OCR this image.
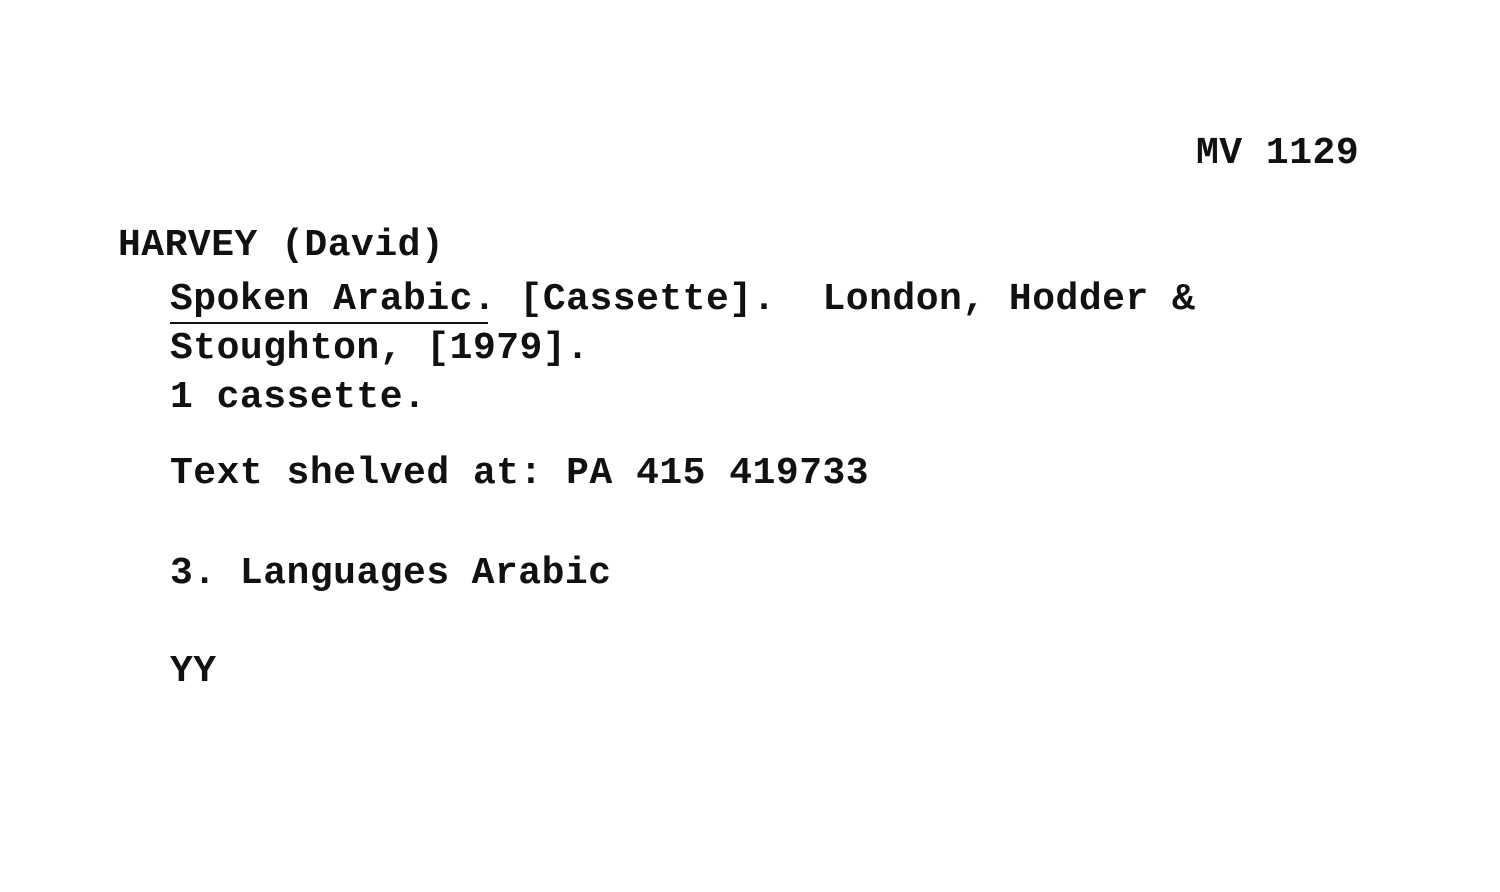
MV 1129
HARVEY (David)
Spoken Arabic. [Cassette].  London, Hodder &
Stoughton, [1979].
1 cassette.
Text shelved at: PA 415 419733
3. Languages Arabic
YY
